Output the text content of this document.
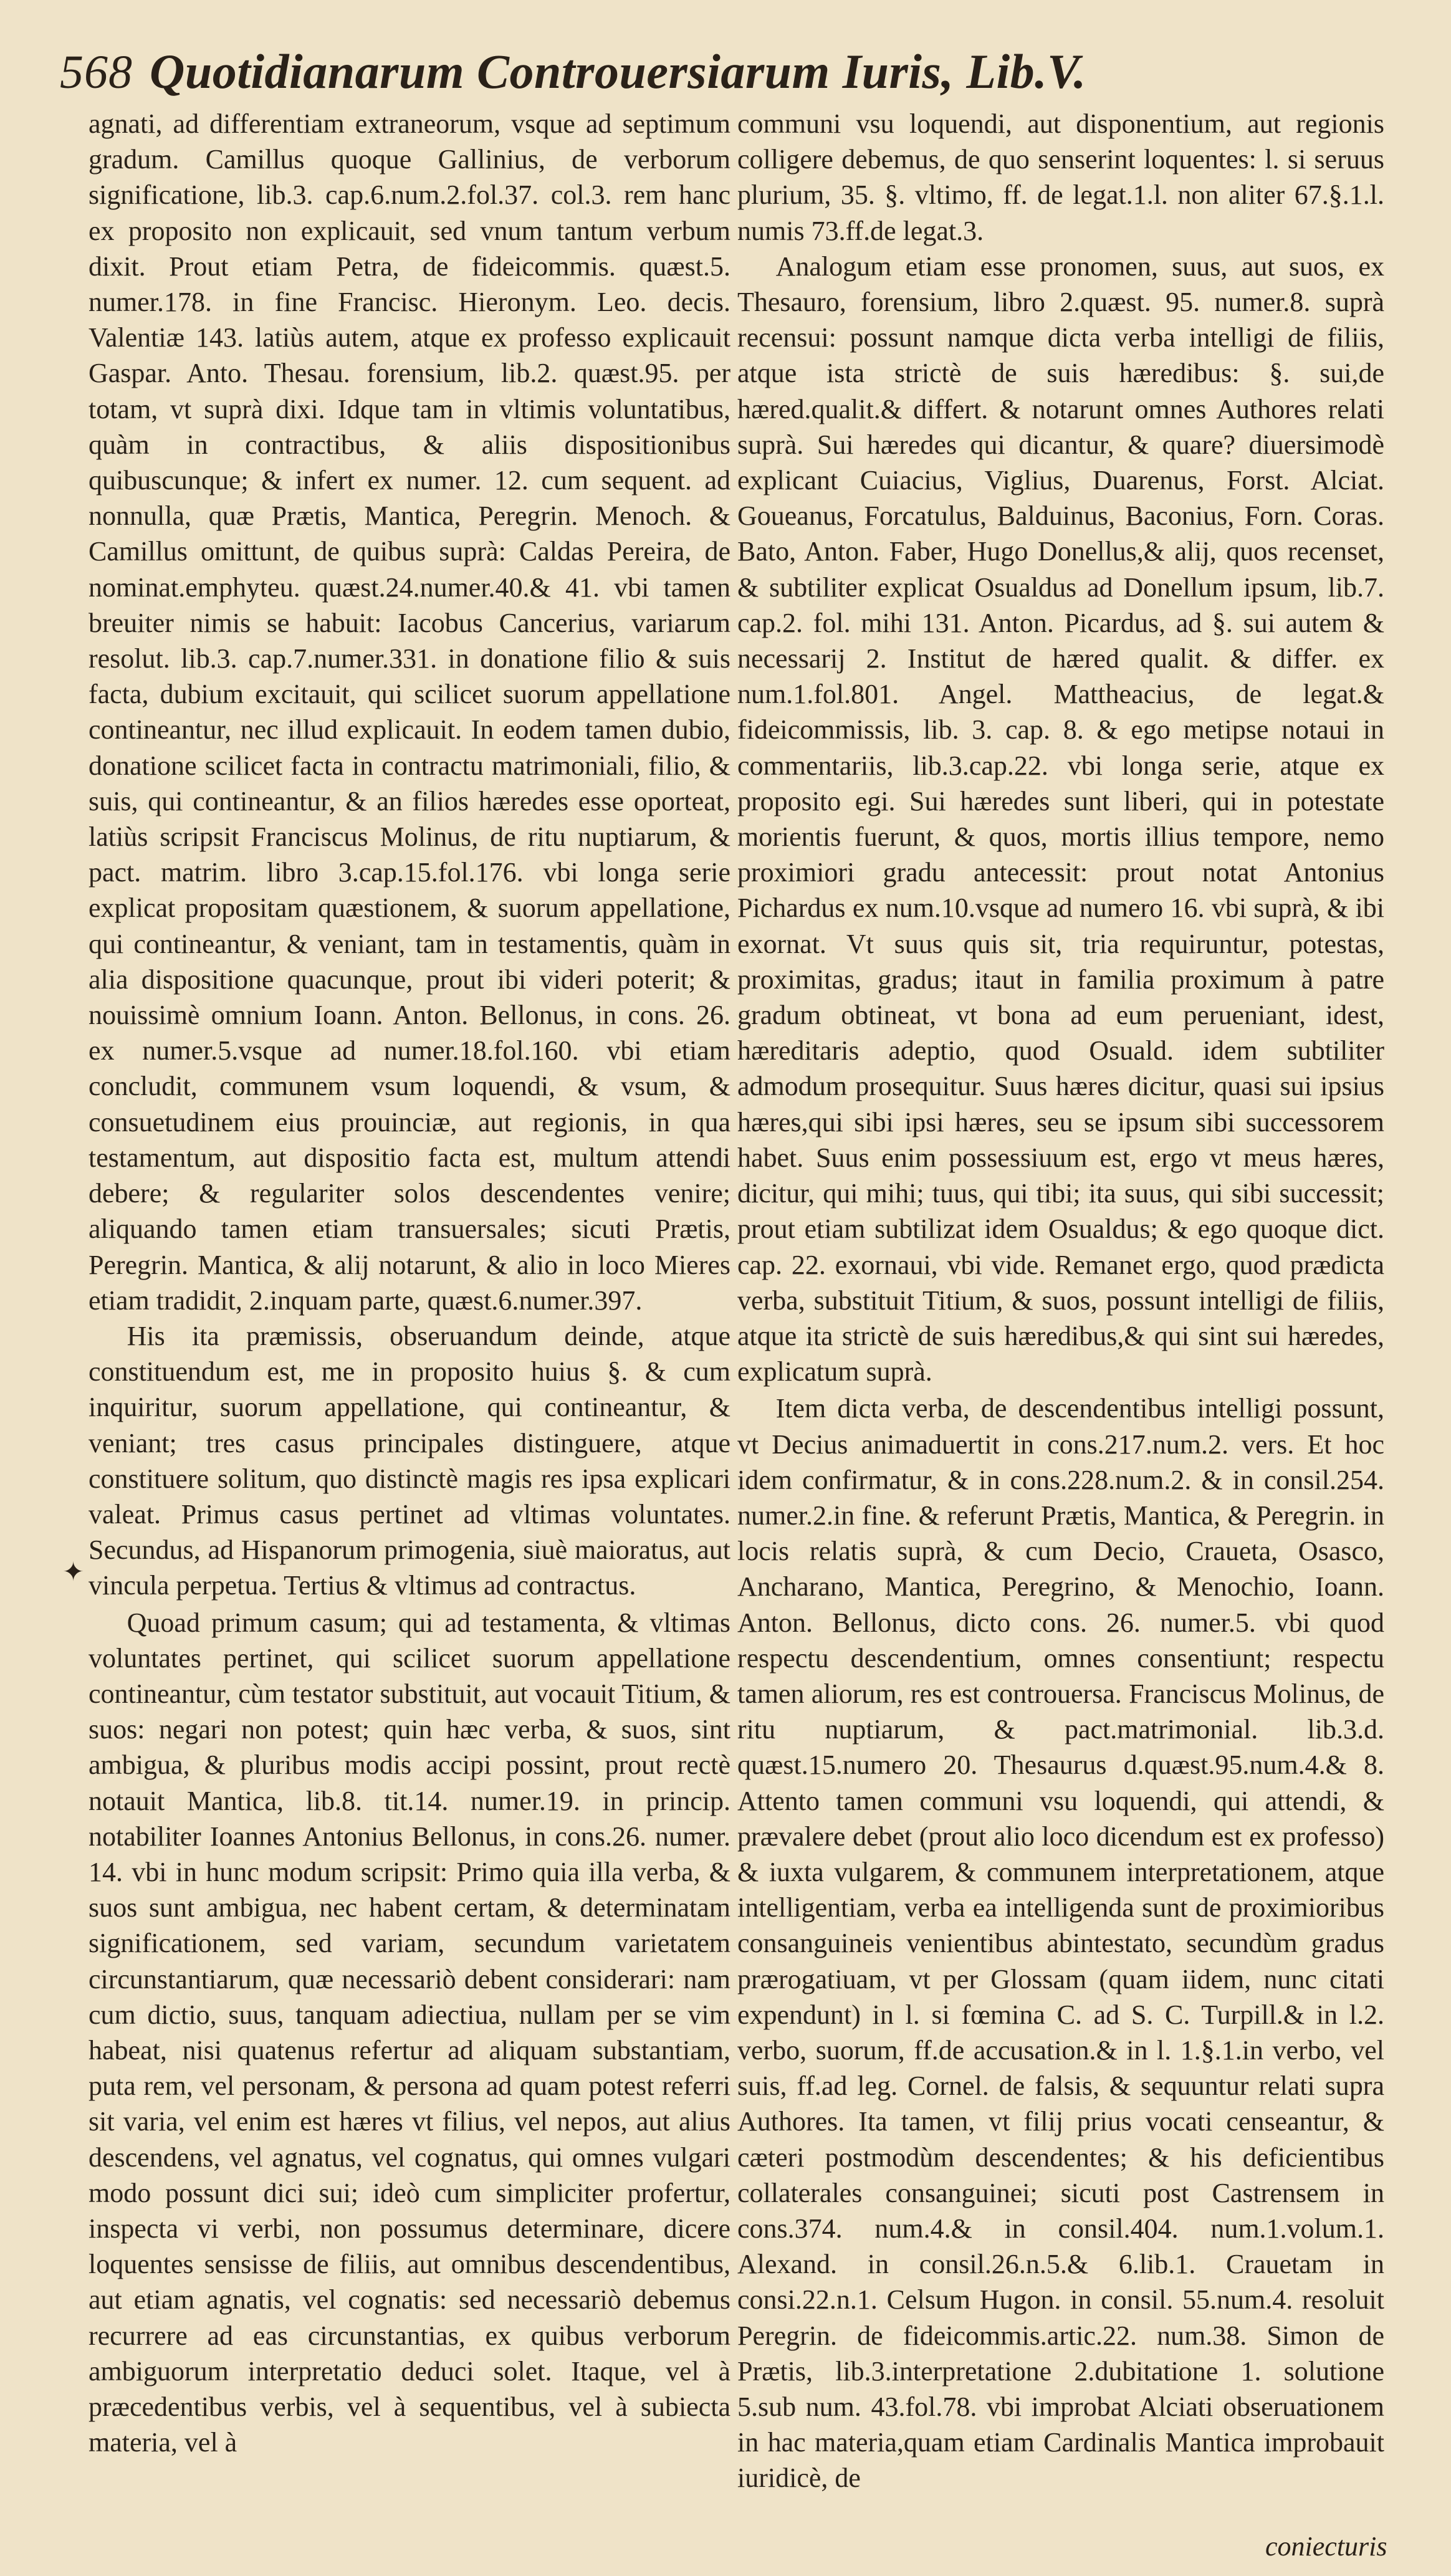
568 Quotidianarum Controuersiarum Iuris, Lib.V.

agnati, ad differentiam extraneorum, vsque ad septimum gradum. Camillus quoque Gallinius, de verborum significatione, lib.3. cap.6.num.2.fol.37. col.3. rem hanc ex proposito non explicauit, sed vnum tantum verbum dixit. Prout etiam Petra, de fideicommis. quæst.5. numer.178. in fine Francisc. Hieronym. Leo. decis. Valentiæ 143. latiùs autem, atque ex professo explicauit Gaspar. Anto. Thesau. forensium, lib.2. quæst.95. per totam, vt suprà dixi. Idque tam in vltimis voluntatibus, quàm in contractibus, & aliis dispositionibus quibuscunque; & infert ex numer. 12. cum sequent. ad nonnulla, quæ Prætis, Mantica, Peregrin. Menoch. & Camillus omittunt, de quibus suprà: Caldas Pereira, de nominat.emphyteu. quæst.24.numer.40.& 41. vbi tamen breuiter nimis se habuit: Iacobus Cancerius, variarum resolut. lib.3. cap.7.numer.331. in donatione filio & suis facta, dubium excitauit, qui scilicet suorum appellatione contineantur, nec illud explicauit. In eodem tamen dubio, donatione scilicet facta in contractu matrimoniali, filio, & suis, qui contineantur, & an filios hæredes esse oporteat, latiùs scripsit Franciscus Molinus, de ritu nuptiarum, & pact. matrim. libro 3.cap.15.fol.176. vbi longa serie explicat propositam quæstionem, & suorum appellatione, qui contineantur, & veniant, tam in testamentis, quàm in alia dispositione quacunque, prout ibi videri poterit; & nouissimè omnium Ioann. Anton. Bellonus, in cons. 26. ex numer.5.vsque ad numer.18.fol.160. vbi etiam concludit, communem vsum loquendi, & vsum, & consuetudinem eius prouinciæ, aut regionis, in qua testamentum, aut dispositio facta est, multum attendi debere; & regulariter solos descendentes venire; aliquando tamen etiam transuersales; sicuti Prætis, Peregrin. Mantica, & alij notarunt, & alio in loco Mieres etiam tradidit, 2.inquam parte, quæst.6.numer.397.

His ita præmissis, obseruandum deinde, atque constituendum est, me in proposito huius §. & cum inquiritur, suorum appellatione, qui contineantur, & veniant; tres casus principales distinguere, atque constituere solitum, quo distinctè magis res ipsa explicari valeat. Primus casus pertinet ad vltimas voluntates. Secundus, ad Hispanorum primogenia, siuè maioratus, aut vincula perpetua. Tertius & vltimus ad contractus.

Quoad primum casum; qui ad testamenta, & vltimas voluntates pertinet, qui scilicet suorum appellatione contineantur, cùm testator substituit, aut vocauit Titium, & suos: negari non potest; quin hæc verba, & suos, sint ambigua, & pluribus modis accipi possint, prout rectè notauit Mantica, lib.8. tit.14. numer.19. in princip. notabiliter Ioannes Antonius Bellonus, in cons.26. numer. 14. vbi in hunc modum scripsit: Primo quia illa verba, & suos sunt ambigua, nec habent certam, & determinatam significationem, sed variam, secundum varietatem circunstantiarum, quæ necessariò debent considerari: nam cum dictio, suus, tanquam adiectiua, nullam per se vim habeat, nisi quatenus refertur ad aliquam substantiam, puta rem, vel personam, & persona ad quam potest referri sit varia, vel enim est hæres vt filius, vel nepos, aut alius descendens, vel agnatus, vel cognatus, qui omnes vulgari modo possunt dici sui; ideò cum simpliciter profertur, inspecta vi verbi, non possumus determinare, dicere loquentes sensisse de filiis, aut omnibus descendentibus, aut etiam agnatis, vel cognatis: sed necessariò debemus recurrere ad eas circunstantias, ex quibus verborum ambiguorum interpretatio deduci solet. Itaque, vel à præcedentibus verbis, vel à sequentibus, vel à subiecta materia, vel à

✦

communi vsu loquendi, aut disponentium, aut regionis colligere debemus, de quo senserint loquentes: l. si seruus plurium, 35. §. vltimo, ff. de legat.1.l. non aliter 67.§.1.l. numis 73.ff.de legat.3.

Analogum etiam esse pronomen, suus, aut suos, ex Thesauro, forensium, libro 2.quæst. 95. numer.8. suprà recensui: possunt namque dicta verba intelligi de filiis, atque ista strictè de suis hæredibus: §. sui,de hæred.qualit.& differt. & notarunt omnes Authores relati suprà. Sui hæredes qui dicantur, & quare? diuersimodè explicant Cuiacius, Viglius, Duarenus, Forst. Alciat. Goueanus, Forcatulus, Balduinus, Baconius, Forn. Coras. Bato, Anton. Faber, Hugo Donellus,& alij, quos recenset, & subtiliter explicat Osualdus ad Donellum ipsum, lib.7. cap.2. fol. mihi 131. Anton. Picardus, ad §. sui autem & necessarij 2. Institut de hæred qualit. & differ. ex num.1.fol.801. Angel. Mattheacius, de legat.& fideicommissis, lib. 3. cap. 8. & ego metipse notaui in commentariis, lib.3.cap.22. vbi longa serie, atque ex proposito egi. Sui hæredes sunt liberi, qui in potestate morientis fuerunt, & quos, mortis illius tempore, nemo proximiori gradu antecessit: prout notat Antonius Pichardus ex num.10.vsque ad numero 16. vbi suprà, & ibi exornat. Vt suus quis sit, tria requiruntur, potestas, proximitas, gradus; itaut in familia proximum à patre gradum obtineat, vt bona ad eum perueniant, idest, hæreditaris adeptio, quod Osuald. idem subtiliter admodum prosequitur. Suus hæres dicitur, quasi sui ipsius hæres,qui sibi ipsi hæres, seu se ipsum sibi successorem habet. Suus enim possessiuum est, ergo vt meus hæres, dicitur, qui mihi; tuus, qui tibi; ita suus, qui sibi successit; prout etiam subtilizat idem Osualdus; & ego quoque dict. cap. 22. exornaui, vbi vide. Remanet ergo, quod prædicta verba, substituit Titium, & suos, possunt intelligi de filiis, atque ita strictè de suis hæredibus,& qui sint sui hæredes, explicatum suprà.

Item dicta verba, de descendentibus intelligi possunt, vt Decius animaduertit in cons.217.num.2. vers. Et hoc idem confirmatur, & in cons.228.num.2. & in consil.254. numer.2.in fine. & referunt Prætis, Mantica, & Peregrin. in locis relatis suprà, & cum Decio, Craueta, Osasco, Ancharano, Mantica, Peregrino, & Menochio, Ioann. Anton. Bellonus, dicto cons. 26. numer.5. vbi quod respectu descendentium, omnes consentiunt; respectu tamen aliorum, res est controuersa. Franciscus Molinus, de ritu nuptiarum, & pact.matrimonial. lib.3.d. quæst.15.numero 20. Thesaurus d.quæst.95.num.4.& 8. Attento tamen communi vsu loquendi, qui attendi, & prævalere debet (prout alio loco dicendum est ex professo) & iuxta vulgarem, & communem interpretationem, atque intelligentiam, verba ea intelligenda sunt de proximioribus consanguineis venientibus abintestato, secundùm gradus prærogatiuam, vt per Glossam (quam iidem, nunc citati expendunt) in l. si fœmina C. ad S. C. Turpill.& in l.2. verbo, suorum, ff.de accusation.& in l. 1.§.1.in verbo, vel suis, ff.ad leg. Cornel. de falsis, & sequuntur relati supra Authores. Ita tamen, vt filij prius vocati censeantur, & cæteri postmodùm descendentes; & his deficientibus collaterales consanguinei; sicuti post Castrensem in cons.374. num.4.& in consil.404. num.1.volum.1. Alexand. in consil.26.n.5.& 6.lib.1. Crauetam in consi.22.n.1. Celsum Hugon. in consil. 55.num.4. resoluit Peregrin. de fideicommis.artic.22. num.38. Simon de Prætis, lib.3.interpretatione 2.dubitatione 1. solutione 5.sub num. 43.fol.78. vbi improbat Alciati obseruationem in hac materia,quam etiam Cardinalis Mantica improbauit iuridicè, de

coniecturis
